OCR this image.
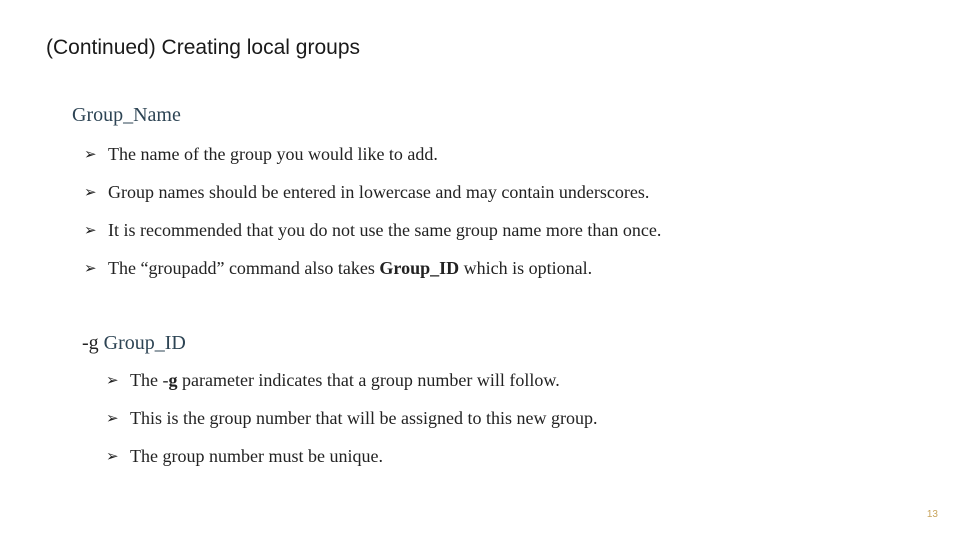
(Continued) Creating local groups
Group_Name
➢ The name of the group you would like to add.
➢ Group names should be entered in lowercase and may contain underscores.
➢ It is recommended that you do not use the same group name more than once.
➢ The “groupadd” command also takes Group_ID which is optional.
-g Group_ID
➢ The -g parameter indicates that a group number will follow.
➢ This is the group number that will be assigned to this new group.
➢ The group number must be unique.
13
